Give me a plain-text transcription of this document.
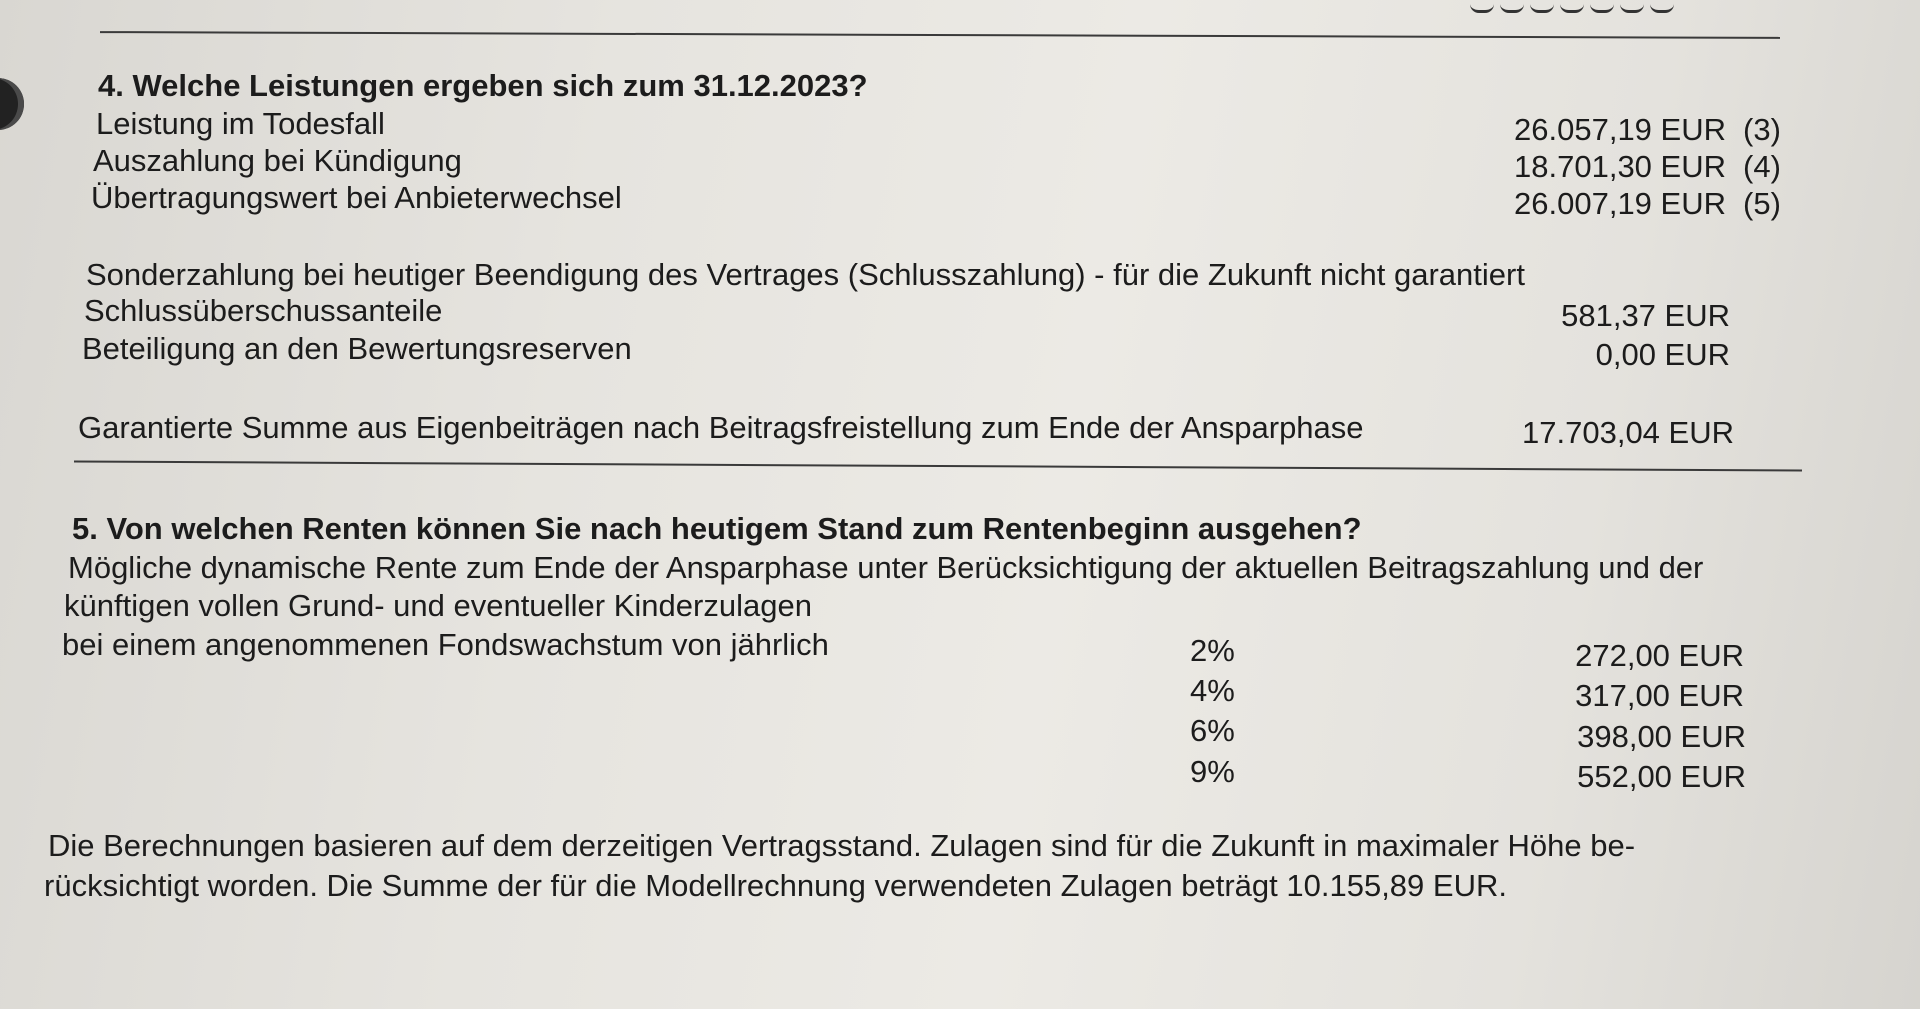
4. Welche Leistungen ergeben sich zum 31.12.2023?
Leistung im Todesfall	26.057,19 EUR (3)
Auszahlung bei Kündigung	18.701,30 EUR (4)
Übertragungswert bei Anbieterwechsel	26.007,19 EUR (5)
Sonderzahlung bei heutiger Beendigung des Vertrages (Schlusszahlung) - für die Zukunft nicht garantiert
Schlussüberschussanteile	581,37 EUR
Beteiligung an den Bewertungsreserven	0,00 EUR
Garantierte Summe aus Eigenbeiträgen nach Beitragsfreistellung zum Ende der Ansparphase	17.703,04 EUR
5. Von welchen Renten können Sie nach heutigem Stand zum Rentenbeginn ausgehen?
Mögliche dynamische Rente zum Ende der Ansparphase unter Berücksichtigung der aktuellen Beitragszahlung und der
künftigen vollen Grund- und eventueller Kinderzulagen
bei einem angenommenen Fondswachstum von jährlich	2%	272,00 EUR
4%	317,00 EUR
6%	398,00 EUR
9%	552,00 EUR
Die Berechnungen basieren auf dem derzeitigen Vertragsstand. Zulagen sind für die Zukunft in maximaler Höhe be-
rücksichtigt worden. Die Summe der für die Modellrechnung verwendeten Zulagen beträgt 10.155,89 EUR.
